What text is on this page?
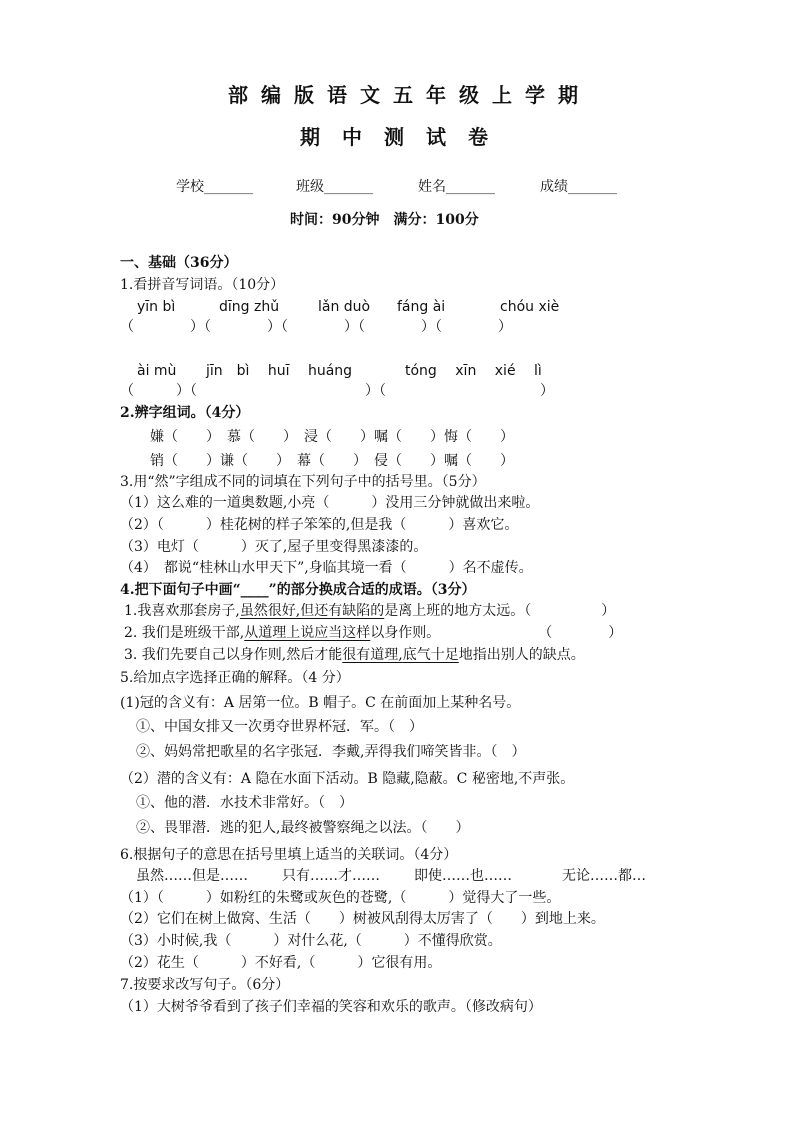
部编版语文五年级上学期
期中测试卷
学校_______	班级_______	姓名_______	成绩_______
时间：90分钟　满分：100分
一、基础（36分）
1.看拼音写词语。（10分）
yīn bì	dīng zhǔ	lǎn duò fáng ài	chóu xiè
（　　　　）（　　　　）（　　　　）（　　　　）（　　　　）
ài mù jīn　bì huī huáng	tóng xīn xié lì
（　　　）（　　　　　　　　　　　　）（　　　　　　　　　　　）
2.辨字组词。（4分）
嫌（　　）　慕（　　）　浸（　　）嘱（　　）悔（　　）
销（　　）谦（　　）　幕（　　）　侵（　　）嘱（　　）
3.用“然”字组成不同的词填在下列句子中的括号里。（5分）
（1）这么难的一道奥数题,小亮（　　　）没用三分钟就做出来啦。
（2）（　　　）桂花树的样子笨笨的,但是我（　　　）喜欢它。
（3）电灯（　　　）灭了,屋子里变得黑漆漆的。
（4）　都说“桂林山水甲天下”,身临其境一看（　　　）名不虚传。
4.把下面句子中画“____”的部分换成合适的成语。（3分）
1.我喜欢那套房子,虽然很好,但还有缺陷的是离上班的地方太远。（　　　　　）
2. 我们是班级干部,从道理上说应当这样以身作则。　　　　　　　　（　　　　）
3. 我们先要自己以身作则,然后才能很有道理,底气十足地指出别人的缺点。
5.给加点字选择正确的解释。（4 分）
(1)冠的含义有：A 居第一位。B 帽子。C 在前面加上某种名号。
①、中国女排又一次勇夺世界杯冠．军。（　）
②、妈妈常把歌星的名字张冠．李戴,弄得我们啼笑皆非。（　）
（2）潜的含义有：A 隐在水面下活动。B 隐藏,隐蔽。C 秘密地,不声张。
①、他的潜．水技术非常好。（　）
②、畏罪潜．逃的犯人,最终被警察绳之以法。（　　）
6.根据句子的意思在括号里填上适当的关联词。（4分）
虽然……但是…… 只有……才…… 即使……也……	无论……都…
（1）（　　　）如粉红的朱鹭或灰色的苍鹭,（　　　）觉得大了一些。
（2）它们在树上做窝、生活（　　）树被风刮得太厉害了（　　）到地上来。
（3）小时候,我（　　　）对什么花,（　　　）不懂得欣赏。
（2）花生（　　　）不好看,（　　　）它很有用。
7.按要求改写句子。（6分）
（1）大树爷爷看到了孩子们幸福的笑容和欢乐的歌声。（修改病句）
